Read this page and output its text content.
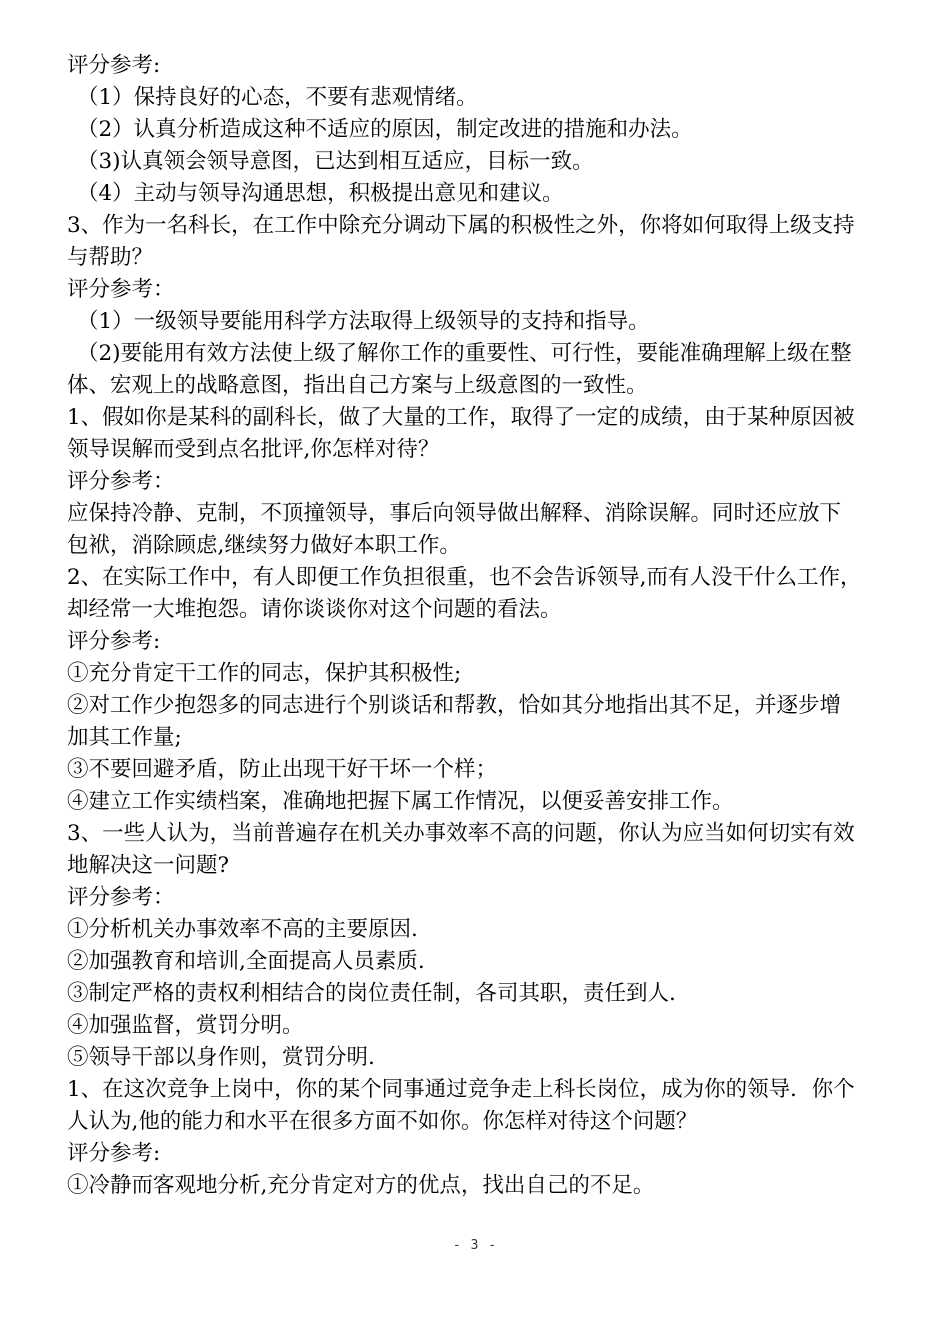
评分参考:
（1）保持良好的心态，不要有悲观情绪。
（2）认真分析造成这种不适应的原因，制定改进的措施和办法。
（3)认真领会领导意图，已达到相互适应，目标一致。
（4）主动与领导沟通思想，积极提出意见和建议。
3、作为一名科长，在工作中除充分调动下属的积极性之外，你将如何取得上级支持
与帮助？
评分参考：
（1）一级领导要能用科学方法取得上级领导的支持和指导。
（2)要能用有效方法使上级了解你工作的重要性、可行性，要能准确理解上级在整
体、宏观上的战略意图，指出自己方案与上级意图的一致性。
1、假如你是某科的副科长，做了大量的工作，取得了一定的成绩，由于某种原因被
领导误解而受到点名批评,你怎样对待？
评分参考：
应保持冷静、克制，不顶撞领导，事后向领导做出解释、消除误解。同时还应放下
包袱，消除顾虑,继续努力做好本职工作。
2、在实际工作中，有人即便工作负担很重，也不会告诉领导,而有人没干什么工作，
却经常一大堆抱怨。请你谈谈你对这个问题的看法。
评分参考:
①充分肯定干工作的同志，保护其积极性;
②对工作少抱怨多的同志进行个别谈话和帮教，恰如其分地指出其不足，并逐步增
加其工作量;
③不要回避矛盾，防止出现干好干坏一个样；
④建立工作实绩档案，准确地把握下属工作情况，以便妥善安排工作。
3、一些人认为，当前普遍存在机关办事效率不高的问题，你认为应当如何切实有效
地解决这一问题?
评分参考：
①分析机关办事效率不高的主要原因.
②加强教育和培训,全面提高人员素质.
③制定严格的责权利相结合的岗位责任制，各司其职，责任到人.
④加强监督，赏罚分明。
⑤领导干部以身作则，赏罚分明.
1、在这次竞争上岗中，你的某个同事通过竞争走上科长岗位，成为你的领导．你个
人认为,他的能力和水平在很多方面不如你。你怎样对待这个问题？
评分参考:
①冷静而客观地分析,充分肯定对方的优点，找出自己的不足。
- 3 -
